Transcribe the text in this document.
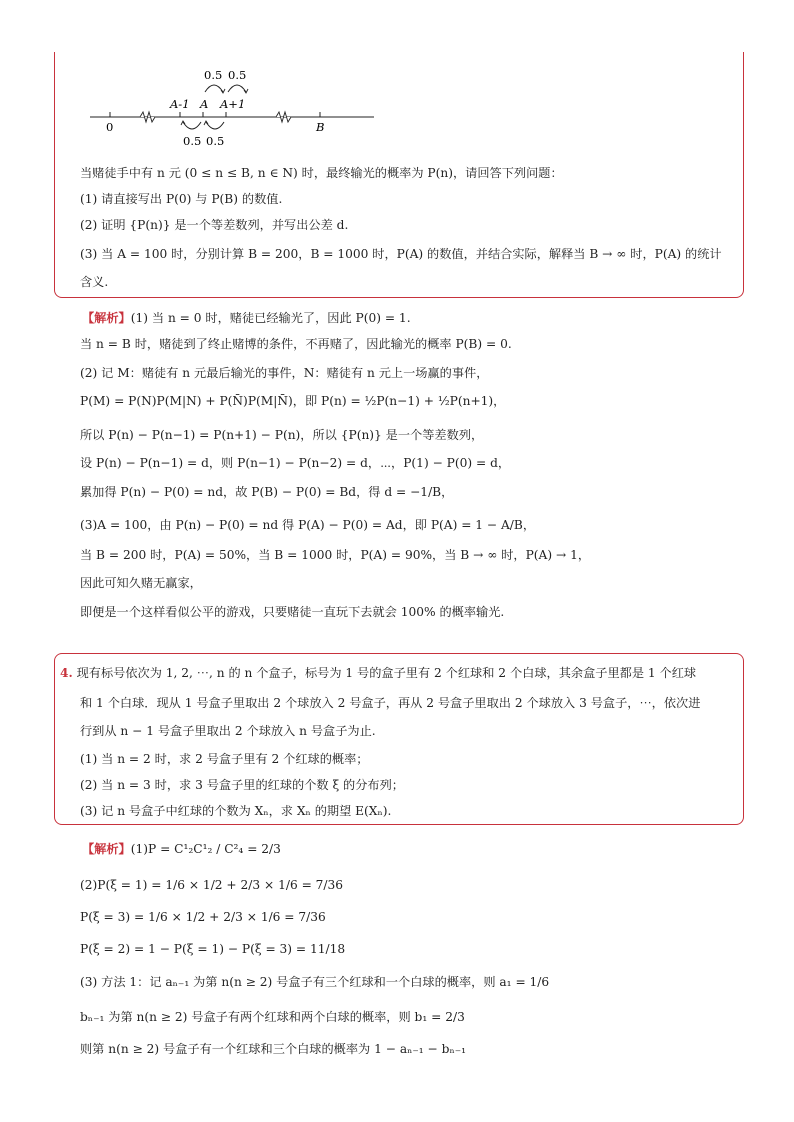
0.5 0.5
A-1 A A+1
0	B
0.5 0.5
当赌徒手中有 n 元 (0 ≤ n ≤ B, n ∈ N) 时，最终输光的概率为 P(n)，请回答下列问题：
(1) 请直接写出 P(0) 与 P(B) 的数值.
(2) 证明 {P(n)} 是一个等差数列，并写出公差 d.
(3) 当 A = 100 时，分别计算 B = 200，B = 1000 时，P(A) 的数值，并结合实际，解释当 B → ∞ 时，P(A) 的统计
含义.
【解析】(1) 当 n = 0 时，赌徒已经输光了，因此 P(0) = 1.
当 n = B 时，赌徒到了终止赌博的条件，不再赌了，因此输光的概率 P(B) = 0.
(2) 记 M：赌徒有 n 元最后输光的事件，N：赌徒有 n 元上一场赢的事件，
P(M) = P(N)P(M|N) + P(N̄)P(M|N̄)，即 P(n) = ½P(n−1) + ½P(n+1)，
所以 P(n) − P(n−1) = P(n+1) − P(n)，所以 {P(n)} 是一个等差数列，
设 P(n) − P(n−1) = d，则 P(n−1) − P(n−2) = d，⋯，P(1) − P(0) = d，
累加得 P(n) − P(0) = nd，故 P(B) − P(0) = Bd，得 d = −1/B，
(3)A = 100，由 P(n) − P(0) = nd 得 P(A) − P(0) = Ad，即 P(A) = 1 − A/B，
当 B = 200 时，P(A) = 50%，当 B = 1000 时，P(A) = 90%，当 B → ∞ 时，P(A) → 1，
因此可知久赌无赢家，
即便是一个这样看似公平的游戏，只要赌徒一直玩下去就会 100% 的概率输光.
4. 现有标号依次为 1, 2, ⋯, n 的 n 个盒子，标号为 1 号的盒子里有 2 个红球和 2 个白球，其余盒子里都是 1 个红球
和 1 个白球．现从 1 号盒子里取出 2 个球放入 2 号盒子，再从 2 号盒子里取出 2 个球放入 3 号盒子，⋯，依次进
行到从 n − 1 号盒子里取出 2 个球放入 n 号盒子为止.
(1) 当 n = 2 时，求 2 号盒子里有 2 个红球的概率；
(2) 当 n = 3 时，求 3 号盒子里的红球的个数 ξ 的分布列；
(3) 记 n 号盒子中红球的个数为 Xₙ，求 Xₙ 的期望 E(Xₙ).
【解析】(1)P = C¹₂C¹₂ / C²₄ = 2/3
(2)P(ξ = 1) = 1/6 × 1/2 + 2/3 × 1/6 = 7/36
P(ξ = 3) = 1/6 × 1/2 + 2/3 × 1/6 = 7/36
P(ξ = 2) = 1 − P(ξ = 1) − P(ξ = 3) = 11/18
(3) 方法 1：记 aₙ₋₁ 为第 n(n ≥ 2) 号盒子有三个红球和一个白球的概率，则 a₁ = 1/6
bₙ₋₁ 为第 n(n ≥ 2) 号盒子有两个红球和两个白球的概率，则 b₁ = 2/3
则第 n(n ≥ 2) 号盒子有一个红球和三个白球的概率为 1 − aₙ₋₁ − bₙ₋₁
